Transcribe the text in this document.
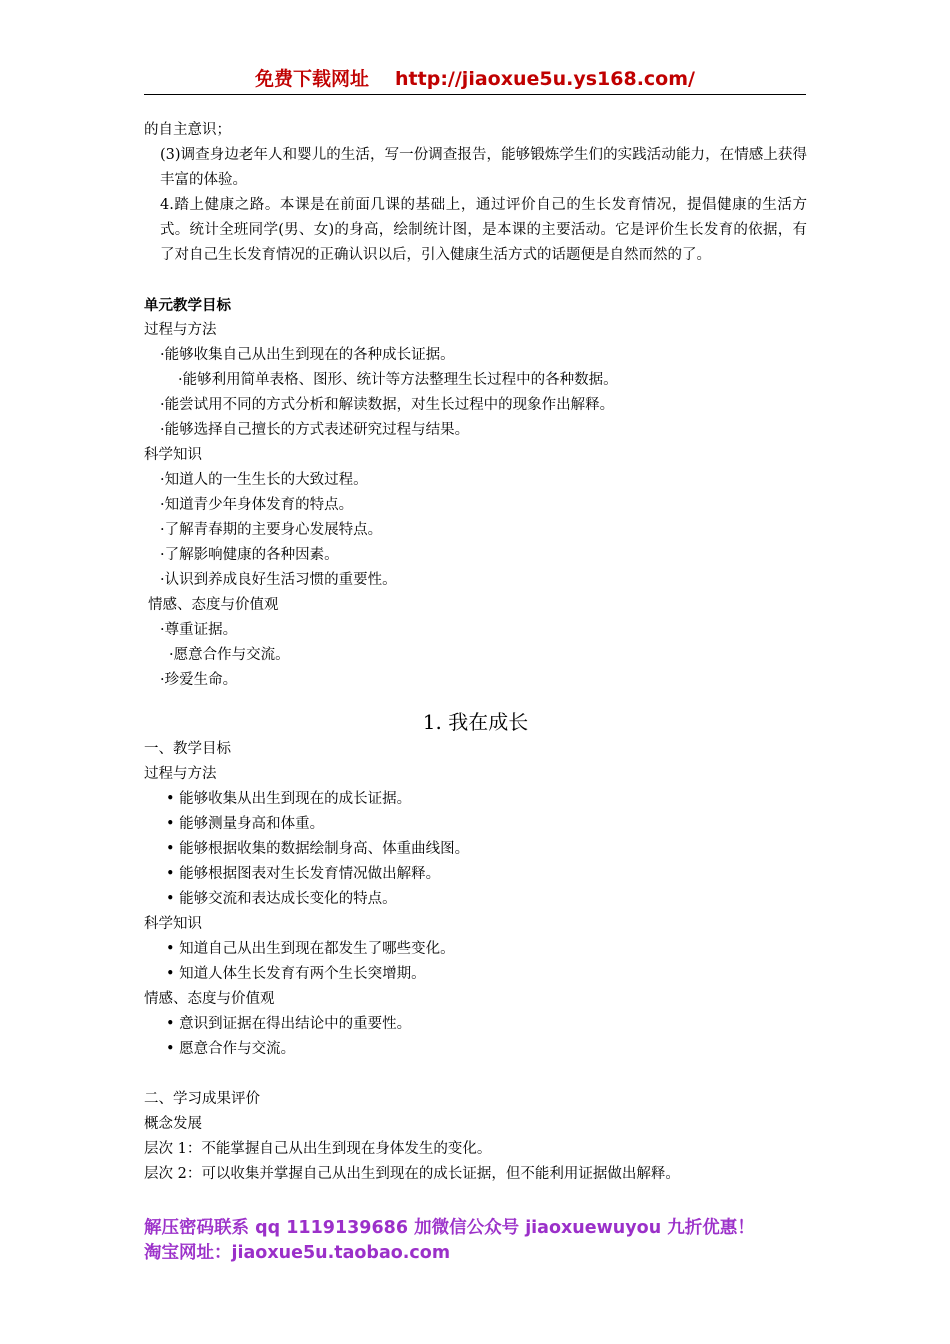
免费下载网址 http://jiaoxue5u.ys168.com/

的自主意识；

(3)调查身边老年人和婴儿的生活，写一份调查报告，能够锻炼学生们的实践活动能力，在情感上获得丰富的体验。

4.踏上健康之路。本课是在前面几课的基础上，通过评价自己的生长发育情况，提倡健康的生活方式。统计全班同学(男、女)的身高，绘制统计图，是本课的主要活动。它是评价生长发育的依据，有了对自己生长发育情况的正确认识以后，引入健康生活方式的话题便是自然而然的了。

单元教学目标

过程与方法

·能够收集自己从出生到现在的各种成长证据。

·能够利用简单表格、图形、统计等方法整理生长过程中的各种数据。

·能尝试用不同的方式分析和解读数据，对生长过程中的现象作出解释。

·能够选择自己擅长的方式表述研究过程与结果。

科学知识

·知道人的一生生长的大致过程。

·知道青少年身体发育的特点。

·了解青春期的主要身心发展特点。

·了解影响健康的各种因素。

·认识到养成良好生活习惯的重要性。

情感、态度与价值观

·尊重证据。

·愿意合作与交流。

·珍爱生命。

1. 我在成长

一、教学目标

过程与方法

• 能够收集从出生到现在的成长证据。

• 能够测量身高和体重。

• 能够根据收集的数据绘制身高、体重曲线图。

• 能够根据图表对生长发育情况做出解释。

• 能够交流和表达成长变化的特点。

科学知识

• 知道自己从出生到现在都发生了哪些变化。

• 知道人体生长发育有两个生长突增期。

情感、态度与价值观

• 意识到证据在得出结论中的重要性。

• 愿意合作与交流。

二、学习成果评价

概念发展

层次 1：不能掌握自己从出生到现在身体发生的变化。

层次 2：可以收集并掌握自己从出生到现在的成长证据，但不能利用证据做出解释。

解压密码联系 qq 1119139686 加微信公众号 jiaoxuewuyou 九折优惠！
淘宝网址：jiaoxue5u.taobao.com
